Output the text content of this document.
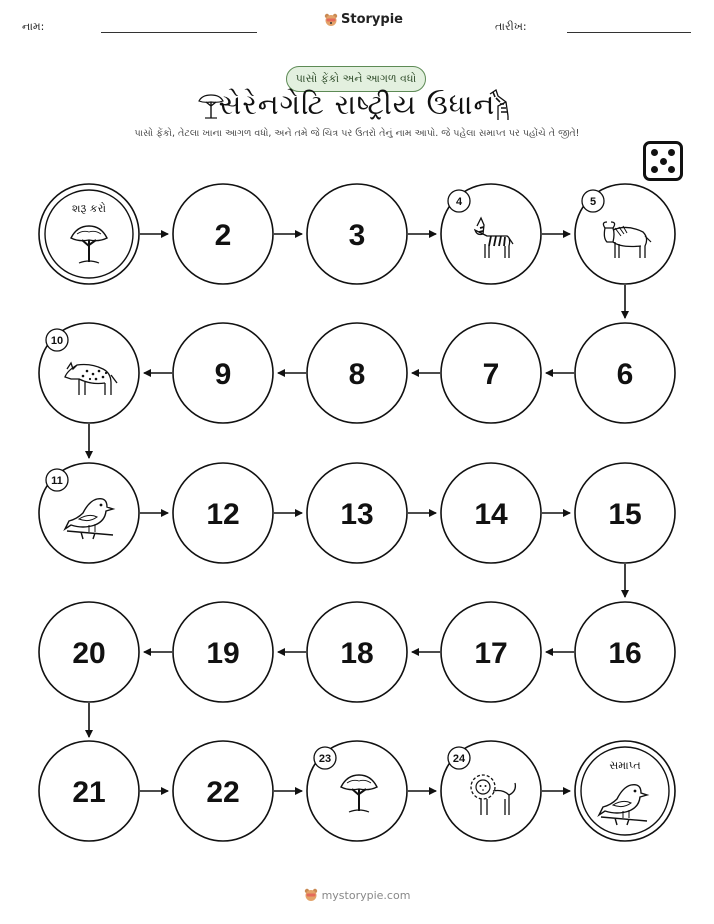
નામ:	Storypie	તારીખ:
પાસો ફેંકો અને આગળ વધો
સેરેનગેટિ રાષ્ટ્રીય ઉધાન
પાસો ફેંકો, તેટલા ખાના આગળ વધો, અને તમે જે ચિત્ર પર ઉતરો તેનું નામ આપો. જે પહેલા સમાપ્ત પર પહોંચે તે જીતે!
શરૂ કરો
2	3
4	5
6
7
8
9
10
11
12	13	14	15
16
17
18
19
20
21	22
23	24	સમાપ્ત
mystorypie.com
